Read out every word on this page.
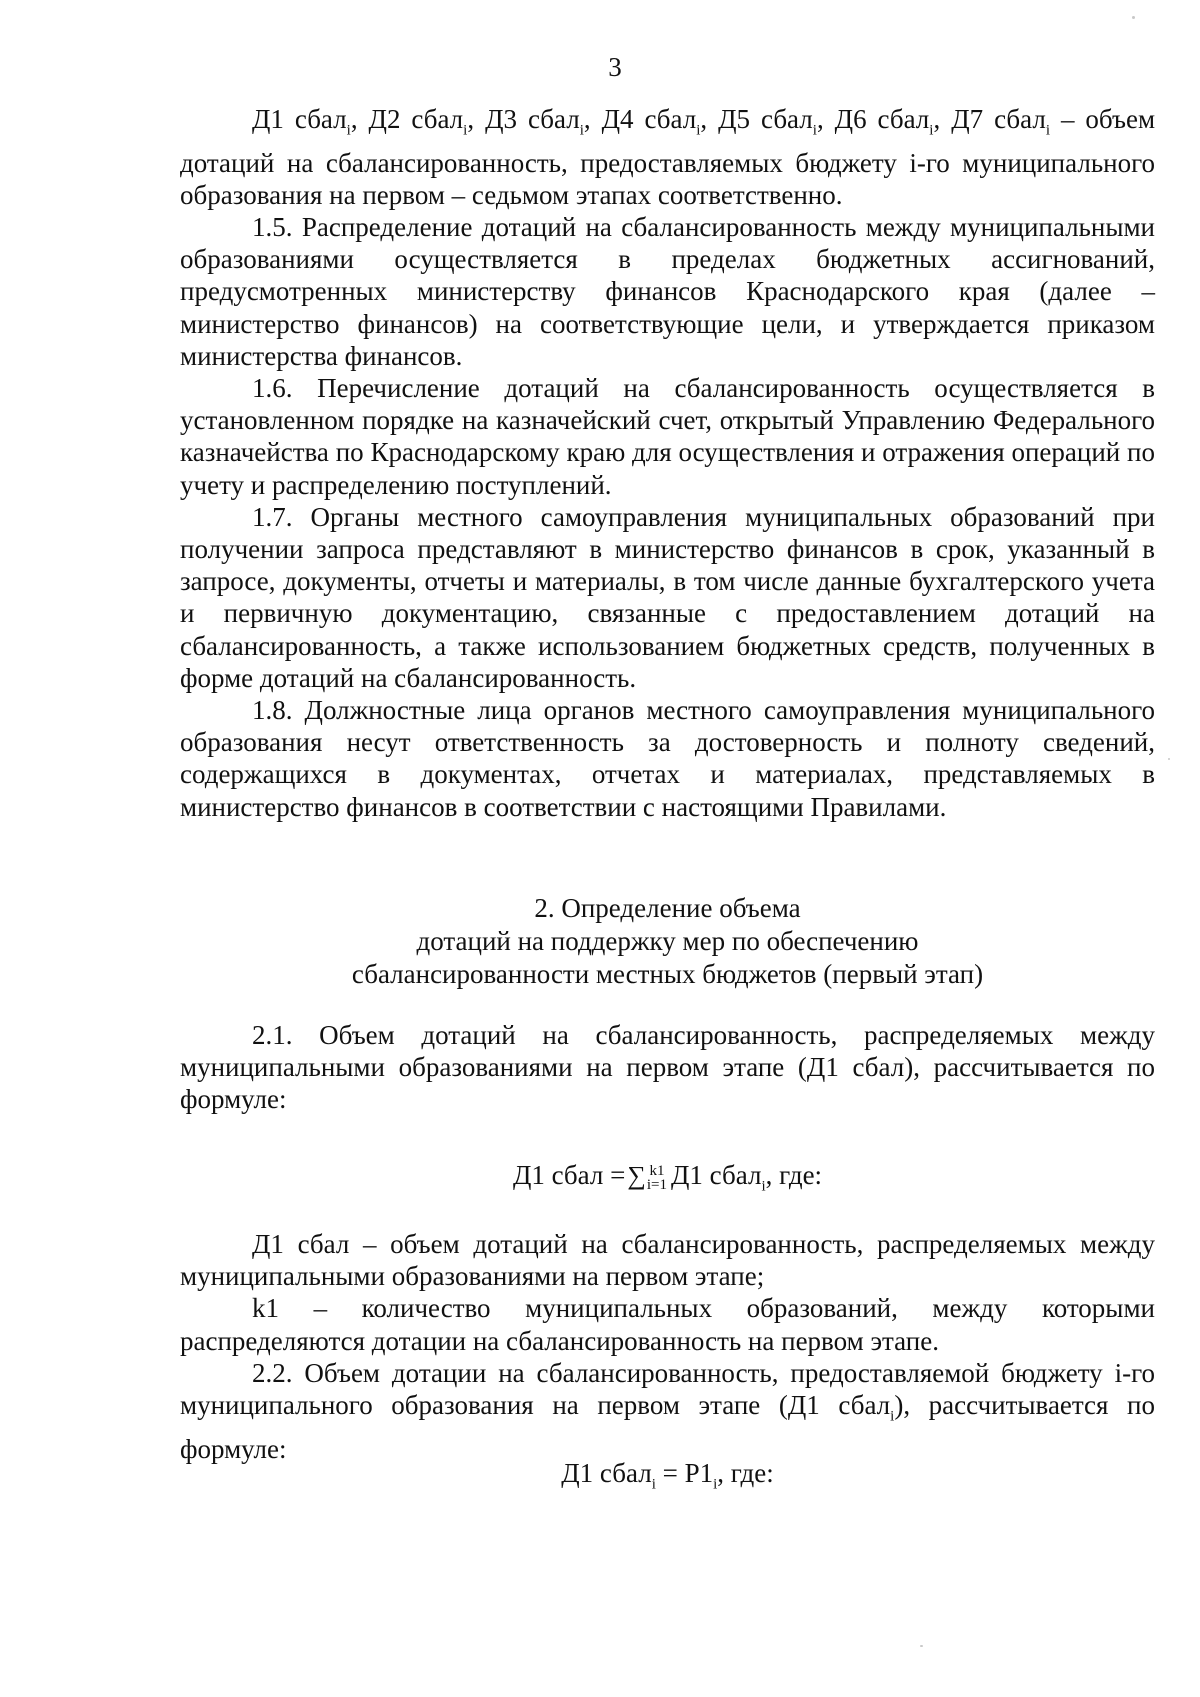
3

Д1 сбал$_i$, Д2 сбал$_i$, Д3 сбал$_i$, Д4 сбал$_i$, Д5 сбал$_i$, Д6 сбал$_i$, Д7 сбал$_i$ – объем дотаций на сбалансированность, предоставляемых бюджету i-го муниципального образования на первом – седьмом этапах соответственно.

1.5. Распределение дотаций на сбалансированность между муниципальными образованиями осуществляется в пределах бюджетных ассигнований, предусмотренных министерству финансов Краснодарского края (далее – министерство финансов) на соответствующие цели, и утверждается приказом министерства финансов.

1.6. Перечисление дотаций на сбалансированность осуществляется в установленном порядке на казначейский счет, открытый Управлению Федерального казначейства по Краснодарскому краю для осуществления и отражения операций по учету и распределению поступлений.

1.7. Органы местного самоуправления муниципальных образований при получении запроса представляют в министерство финансов в срок, указанный в запросе, документы, отчеты и материалы, в том числе данные бухгалтерского учета и первичную документацию, связанные с предоставлением дотаций на сбалансированность, а также использованием бюджетных средств, полученных в форме дотаций на сбалансированность.

1.8. Должностные лица органов местного самоуправления муниципального образования несут ответственность за достоверность и полноту сведений, содержащихся в документах, отчетах и материалах, представляемых в министерство финансов в соответствии с настоящими Правилами.

2. Определение объема
дотаций на поддержку мер по обеспечению
сбалансированности местных бюджетов (первый этап)

2.1. Объем дотаций на сбалансированность, распределяемых между муниципальными образованиями на первом этапе (Д1 сбал), рассчитывается по формуле:

Д1 сбал =∑ k1
i=1 Д1 сбал$_i$, где:

Д1 сбал – объем дотаций на сбалансированность, распределяемых между муниципальными образованиями на первом этапе;

k1 – количество муниципальных образований, между которыми распределяются дотации на сбалансированность на первом этапе.

2.2. Объем дотации на сбалансированность, предоставляемой бюджету i-го муниципального образования на первом этапе (Д1 сбал$_i$), рассчитывается по формуле:

Д1 сбал$_i$ = $Р1_i$, где:
